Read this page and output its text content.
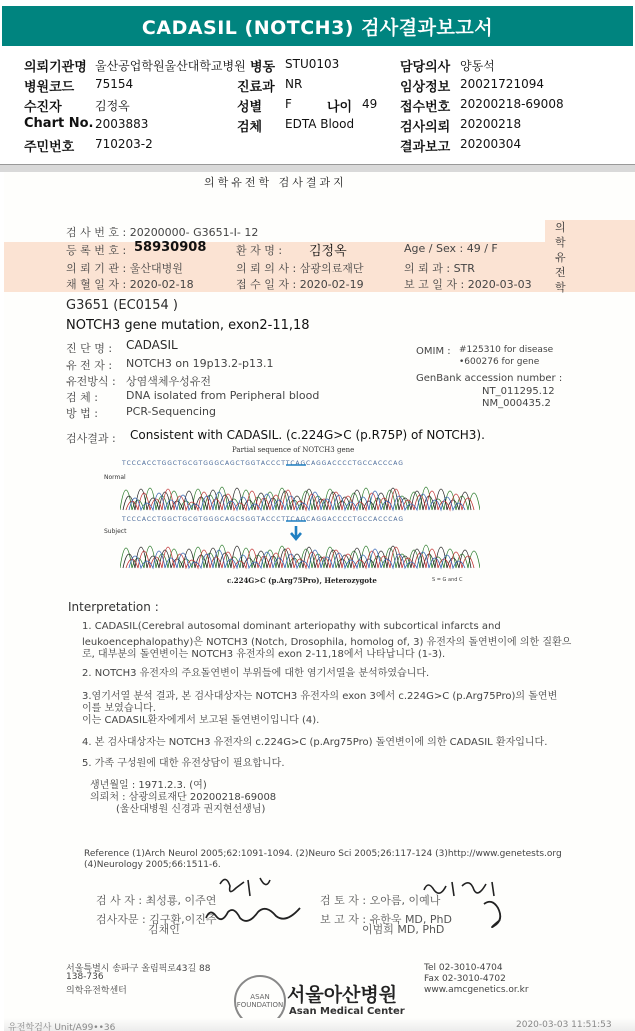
CADASIL (NOTCH3) 검사결과보고서
의뢰기관명 울산공업학원울산대학교병원 병동 STU0103	담당의사 양동석
병원코드 75154	진료과 NR	임상정보 20021721094
수진자	김정옥	성별 F	나이 49 접수번호 20200218-69008
Chart No. 2003883	검체 EDTA Blood	검사의뢰 20200218
주민번호 710203-2	결과보고 20200304
의학유전학
의학유전학 검사결과지
검 사 번 호 : 20200000- G3651-I- 12
등 록 번 호 : 58930908	환 자 명 : 김정옥	Age / Sex : 49 / F
의 뢰 기 관 : 울산대병원	의 뢰 의 사 : 삼광의료재단	의 뢰 과 : STR
채 혈 일 자 : 2020-02-18	접 수 일 자 : 2020-02-19	보 고 일 자 : 2020-03-03
G3651 (EC0154 )
NOTCH3 gene mutation, exon2-11,18
진 단 명 : CADASIL
유 전 자 : NOTCH3 on 19p13.2-p13.1
유전방식 : 상염색체우성유전
검 체 :	DNA isolated from Peripheral blood
방 법 :	PCR-Sequencing
OMIM : #125310 for disease
•600276 for gene
GenBank accession number :
NT_011295.12
NM_000435.2
검사결과 : Consistent with CADASIL. (c.224G>C (p.R75P) of NOTCH3).
Partial sequence of NOTCH3 gene
T C C C A C C T G G C T G C G T G G G C A G C T G G T A C C C T T C A G C A G G A C C C C T G C C A C C C A G
Normal
T C C C A C C T G G C T G C G T G G G C A G C S G G T A C C C T T C A G C A G G A C C C C T G C C A C C C A G
Subject
c.224G>C (p.Arg75Pro), Heterozygote	S = G and C
Interpretation :
1. CADASIL(Cerebral autosomal dominant arteriopathy with subcortical infarcts and
leukoencephalopathy)은 NOTCH3 (Notch, Drosophila, homolog of, 3) 유전자의 돌연변이에 의한 질환으
로, 대부분의 돌연변이는 NOTCH3 유전자의 exon 2-11,18에서 나타납니다 (1-3).
2. NOTCH3 유전자의 주요돌연변이 부위들에 대한 염기서열을 분석하였습니다.
3.염기서열 분석 결과, 본 검사대상자는 NOTCH3 유전자의 exon 3에서 c.224G>C (p.Arg75Pro)의 돌연변
이를 보였습니다.
이는 CADASIL환자에게서 보고된 돌연변이입니다 (4).
4. 본 검사대상자는 NOTCH3 유전자의 c.224G>C (p.Arg75Pro) 돌연변이에 의한 CADASIL 환자입니다.
5. 가족 구성원에 대한 유전상담이 필요합니다.
생년월일 : 1971.2.3. (여)
의뢰처 : 삼광의료재단 20200218-69008
(울산대병원 신경과 권지현선생님)
Reference (1)Arch Neurol 2005;62:1091-1094. (2)Neuro Sci 2005;26:117-124 (3)http://www.genetests.org
(4)Neurology 2005;66:1511-6.
검 사 자 : 최성룡, 이주연	검 토 자 : 오아름, 이예나
검사자문 : 김구환,이진주
김채인
보 고 자 : 유한욱 MD, PhD
이범희 MD, PhD
서울특별시 송파구 올림픽로43길 88
138-736
의학유전학센터
ASAN FOUNDATION 서울아산병원
Asan Medical Center
Tel 02-3010-4704
Fax 02-3010-4702
www.amcgenetics.or.kr
유전학검사 Unit/A99••36	2020-03-03 11:51:53
